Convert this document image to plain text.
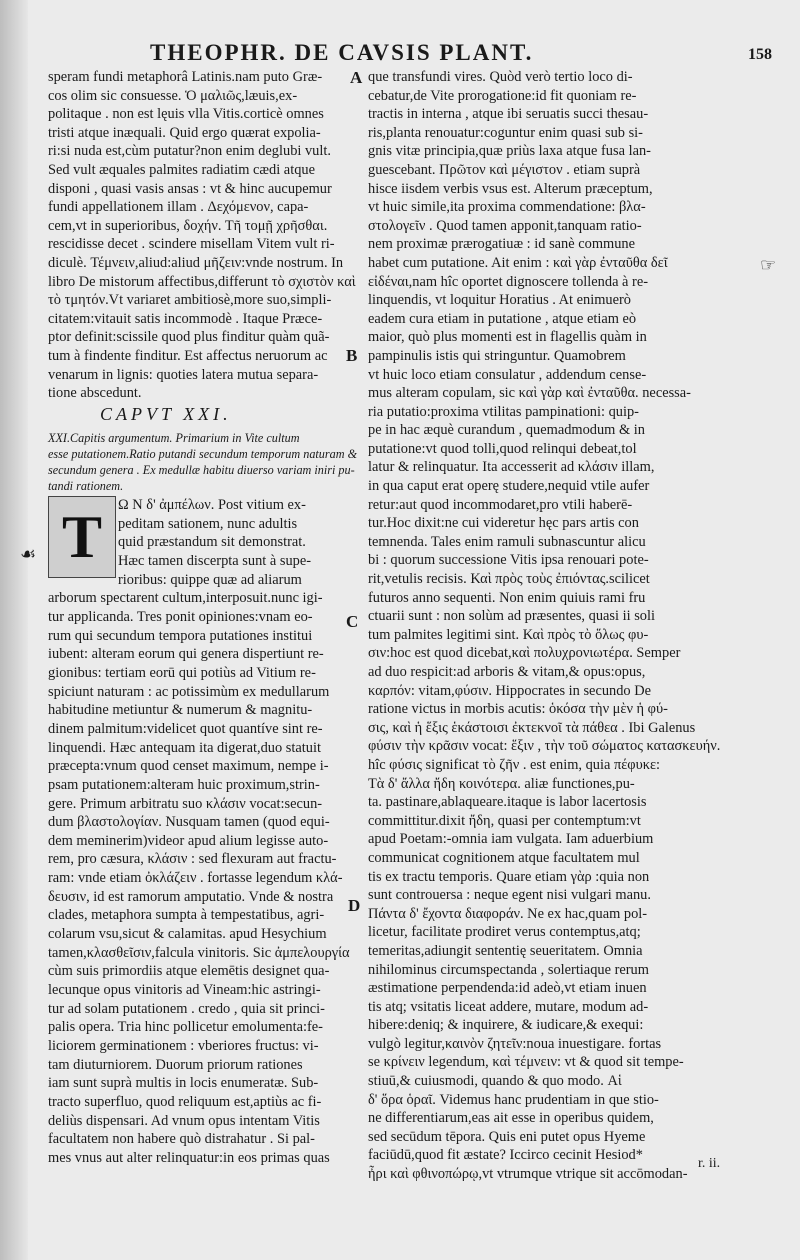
THEOPHR. DE CAVSIS PLANT.	158

speram fundi metaphorâ Latinis.nam puto Græ-

cos olim sic consuesse. Ὁ μαλιῶς,læuis,ex-

politaque . non est lęuis vlla Vitis.corticè omnes

tristi atque inæquali. Quid ergo quærat expolia-

ri:si nuda est,cùm putatur?non enim deglubi vult.

Sed vult æquales palmites radiatim cædi atque

disponi , quasi vasis ansas : vt & hinc aucupemur

fundi appellationem illam . Δεχόμενον, capa-

cem,vt in superioribus, δοχήν. Τῆ τομῇ χρῆσθαι.

rescidisse decet . scindere misellam Vitem vult ri-

diculè. Τέμνειν,aliud:aliud μῆζειν:vnde nostrum. In

libro De mistorum affectibus,differunt τὸ σχιστὸν καὶ

τὸ τμητόν.Vt variaret ambitiosè,more suo,simpli-

citatem:vitauit satis incommodè . Itaque Præce-

ptor definit:scissile quod plus finditur quàm quã-

tum à findente finditur. Est affectus neruorum ac

venarum in lignis: quoties latera mutua separa-

tione abscedunt.

CAPVT XXI.

XXI.Capitis argumentum. Primarium in Vite cultum

esse putationem.Ratio putandi secundum temporum naturam &

secundum genera . Ex medullæ habitu diuerso variam iniri pu-

tandi rationem.

Ω Ν δ' ἀμπέλων. Post vitium ex-

peditam sationem, nunc adultis

quid præstandum sit demonstrat.

Hæc tamen discerpta sunt à supe-

rioribus: quippe quæ ad aliarum

arborum spectarent cultum,interposuit.nunc igi-

tur applicanda. Tres ponit opiniones:vnam eo-

rum qui secundum tempora putationes institui

iubent: alteram eorum qui genera dispertiunt re-

gionibus: tertiam eorū qui potiùs ad Vitium re-

spiciunt naturam : ac potissimùm ex medullarum

habitudine metiuntur & numerum & magnitu-

dinem palmitum:videlicet quot quantíve sint re-

linquendi. Hæc antequam ita digerat,duo statuit

præcepta:vnum quod censet maximum, nempe i-

psam putationem:alteram huic proximum,strin-

gere. Primum arbitratu suo κλάσιν vocat:secun-

dum βλαστολογίαν. Nusquam tamen (quod equi-

dem meminerim)videor apud alium legisse auto-

rem, pro cæsura, κλάσιν : sed flexuram aut fractu-

ram: vnde etiam ὀκλάζειν . fortasse legendum κλά-

δευσιν, id est ramorum amputatio. Vnde & nostra

clades, metaphora sumpta à tempestatibus, agri-

colarum vsu,sicut & calamitas. apud Hesychium

tamen,κλασθεῖσιν,falcula vinitoris. Sic ἀμπελουργία

cùm suis primordiis atque elemētis designet qua-

lecunque opus vinitoris ad Vineam:hic astringi-

tur ad solam putationem . credo , quia sit princi-

palis opera. Tria hinc pollicetur emolumenta:fe-

liciorem germinationem : vberiores fructus: vi-

tam diuturniorem. Duorum priorum rationes

iam sunt suprà multis in locis enumeratæ. Sub-

tracto superfluo, quod reliquum est,aptiùs ac fi-

deliùs dispensari. Ad vnum opus intentam Vitis

facultatem non habere quò distrahatur . Si pal-

mes vnus aut alter relinquatur:in eos primas quas

T

que transfundi vires. Quòd verò tertio loco di-

cebatur,de Vite prorogatione:id fit quoniam re-

tractis in interna , atque ibi seruatis succi thesau-

ris,planta renouatur:coguntur enim quasi sub si-

gnis vitæ principia,quæ priùs laxa atque fusa lan-

guescebant. Πρῶτον καὶ μέγιστον . etiam suprà

hisce iisdem verbis vsus est. Alterum præceptum,

vt huic simile,ita proxima commendatione: βλα-

στολογεῖν . Quod tamen apponit,tanquam ratio-

nem proximæ prærogatiuæ : id sanè commune

habet cum putatione. Ait enim : καὶ γὰρ ἐνταῦθα δεῖ

εἰδέναι,nam hîc oportet dignoscere tollenda à re-

linquendis, vt loquitur Horatius . At enimuerò

eadem cura etiam in putatione , atque etiam eò

maior, quò plus momenti est in flagellis quàm in

pampinulis istis qui stringuntur. Quamobrem

vt huic loco etiam consulatur , addendum cense-

mus alteram copulam, sic καὶ γὰρ καὶ ἐνταῦθα. necessa-

ria putatio:proxima vtilitas pampinationi: quip-

pe in hac æquè curandum , quemadmodum & in

putatione:vt quod tolli,quod relinqui debeat,tol

latur & relinquatur. Ita accesserit ad κλάσιν illam,

in qua caput erat operę studere,nequid vtile aufer

retur:aut quod incommodaret,pro vtili haberē-

tur.Hoc dixit:ne cui videretur hęc pars artis con

temnenda. Tales enim ramuli subnascuntur alicu

bi : quorum successione Vitis ipsa renouari pote-

rit,vetulis recisis. Καὶ πρὸς τοὺς ἐπιόντας.scilicet

futuros anno sequenti. Non enim quiuis rami fru

ctuarii sunt : non solùm ad præsentes, quasi ii soli

tum palmites legitimi sint. Καὶ πρὸς τὸ ὅλως φυ-

σιν:hoc est quod dicebat,καὶ πολυχρονιωτέρα. Semper

ad duo respicit:ad arboris & vitam,& opus:opus,

καρπόν: vitam,φύσιν. Hippocrates in secundo De

ratione victus in morbis acutis: ὁκόσα τὴν μὲν ἡ φύ-

σις, καὶ ἡ ἕξις ἑκάστοισι ἐκτεκνοῖ τὰ πάθεα . Ibi Galenus

φύσιν τὴν κρᾶσιν vocat: ἕξιν , τὴν τοῦ σώματος κατασκευήν.

hîc φύσις significat τὸ ζῆν . est enim, quia πέφυκε:

Τὰ δ' ἄλλα ἤδη κοινότερα. aliæ functiones,pu-

ta. pastinare,ablaqueare.itaque is labor lacertosis

committitur.dixit ἤδη, quasi per contemptum:vt

apud Poetam:-omnia iam vulgata. Iam aduerbium

communicat cognitionem atque facultatem mul

tis ex tractu temporis. Quare etiam γὰρ :quia non

sunt controuersa : neque egent nisi vulgari manu.

Πάντα δ' ἔχοντα διαφοράν. Ne ex hac,quam pol-

licetur, facilitate prodiret verus contemptus,atq;

temeritas,adiungit sententię seueritatem. Omnia

nihilominus circumspectanda , solertiaque rerum

æstimatione perpendenda:id adeò,vt etiam inuen

tis atq; vsitatis liceat addere, mutare, modum ad-

hibere:deniq; & inquirere, & iudicare,& exequi:

vulgò legitur,καινὸν ζητεῖν:noua inuestigare. fortas

se κρίνειν legendum, καὶ τέμνειν: vt & quod sit tempe-

stiuū,& cuiusmodi, quando & quo modo. Αἱ

δ' ὅρα ὁραῖ. Videmus hanc prudentiam in que stio-

ne differentiarum,eas ait esse in operibus quidem,

sed secūdum tēpora. Quis eni putet opus Hyeme

faciūdū,quod fit æstate? Iccirco cecinit Hesiod*

ἦρι καὶ φθινοπώρῳ,vt vtrumque vtrique sit accōmodan-

A
B
C
D
☞
☙
r. ii.
